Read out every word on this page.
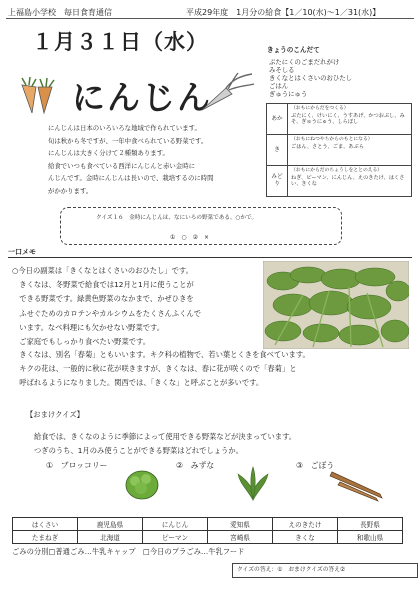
上福島小学校　毎日食育通信	平成29年度　1月分の給食【1／10(水)～1／31(水)】
１月３１日（水）
にんじん

にんじんは日本のいろいろな地域で作られています。

旬は秋から冬ですが、一年中食べられている野菜です。

にんじんは大きく分けて２種類あります。

給食でいつも食べている西洋にんじんと赤い金時に

んじんです。金時にんじんは長いので、栽培するのに時間

がかかります。

きょうのこんだて
ぶたにくのごまだれがけ
みそしる
きくなとはくさいのおひたし
ごはん
ぎゅうにゅう
あか	（おもにからだをつくる）
ぶたにく、けいにく、うすあげ、かつおぶし、みそ、ぎゅうにゅう、しらぼし
き	（おもにねつやちからのもとになる）
ごはん、さとう、ごま、あぶら
みどり	（おもにからだのちょうしをととのえる）
ねぎ、ピーマン、にんじん、えのきたけ、はくさい、きくな
クイズ１６　金時にんじんは、なにいろの野菜である。○かで。
①　○　②　×
一口メモ
○今日の副菜は「きくなとはくさいのおひたし」です。
　きくなは、冬野菜で給食では12月と1月に使うことが
　できる野菜です。緑黄色野菜のなかまで、かぜひきを
　ふせぐためのカロテンやカルシウムをたくさんふくんで
　います。なべ料理にも欠かせない野菜です。
　ご家庭でもしっかり食べたい野菜です。
　きくなは、別名「春菊」ともいいます。キク科の植物で、若い葉とくきを食べています。
　キクの花は、一般的に秋に花が咲きますが、きくなは、春に花が咲くので「春菊」と
　呼ばれるようになりました。関西では、「きくな」と呼ぶことが多いです。
【おまけクイズ】
給食では、きくなのように季節によって使用できる野菜などが決まっています。
つぎのうち、1月のみ使うことができる野菜はどれでしょうか。
①　ブロッコリー	②　みずな	③　ごぼう
はくさい	鹿児島県	にんじん	愛知県	えのきたけ	長野県
たまねぎ	北海道	ピーマン	宮崎県	きくな	和歌山県
ごみの分別□普通ごみ…牛乳キャップ　□今日のプラごみ…牛乳フード
クイズの答え：①　おまけクイズの答え②
